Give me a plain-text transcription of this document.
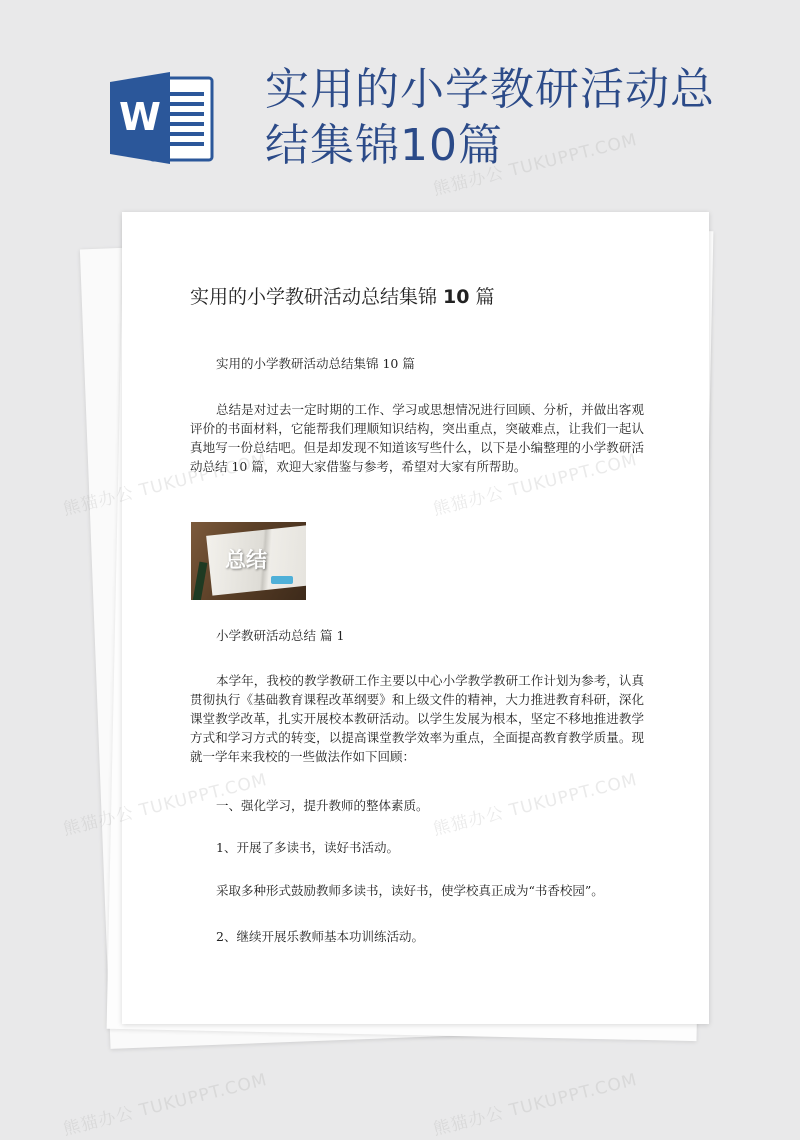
W
实用的小学教研活动总结集锦10篇
实用的小学教研活动总结集锦 10 篇
实用的小学教研活动总结集锦 10 篇
总结是对过去一定时期的工作、学习或思想情况进行回顾、分析，并做出客观评价的书面材料，它能帮我们理顺知识结构，突出重点，突破难点，让我们一起认真地写一份总结吧。但是却发现不知道该写些什么，以下是小编整理的小学教研活动总结 10 篇，欢迎大家借鉴与参考，希望对大家有所帮助。
总结
小学教研活动总结 篇 1
本学年，我校的教学教研工作主要以中心小学教学教研工作计划为参考，认真贯彻执行《基础教育课程改革纲要》和上级文件的精神，大力推进教育科研，深化课堂教学改革，扎实开展校本教研活动。以学生发展为根本，坚定不移地推进教学方式和学习方式的转变，以提高课堂教学效率为重点，全面提高教育教学质量。现就一学年来我校的一些做法作如下回顾：
一、强化学习，提升教师的整体素质。
1、开展了多读书，读好书活动。
采取多种形式鼓励教师多读书，读好书，使学校真正成为“书香校园”。
2、继续开展乐教师基本功训练活动。
熊猫办公 TUKUPPT.COM
熊猫办公 TUKUPPT.COM	熊猫办公 TUKUPPT.COM
熊猫办公 TUKUPPT.COM	熊猫办公 TUKUPPT.COM
熊猫办公 TUKUPPT.COM	熊猫办公 TUKUPPT.COM
